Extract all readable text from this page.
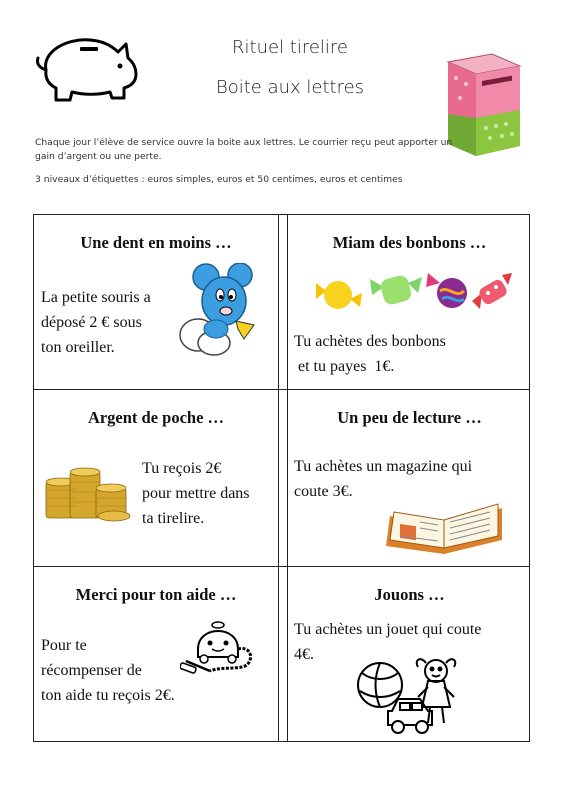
Rituel tirelire
Boite aux lettres
Chaque jour l’élève de service ouvre la boite aux lettres. Le courrier reçu peut apporter un gain d’argent ou une perte.
3 niveaux d’étiquettes : euros simples, euros et 50 centimes, euros et centimes
Une dent en moins …
La petite souris a
déposé 2 € sous
ton oreiller.
Miam des bonbons …
Tu achètes des bonbons
et tu payes  1€.
Argent de poche …
Tu reçois 2€
pour mettre dans
ta tirelire.
Un peu de lecture …
Tu achètes un magazine qui
coute 3€.
Merci pour ton aide …
Pour te
récompenser de
ton aide tu reçois 2€.
Jouons …
Tu achètes un jouet qui coute
4€.
